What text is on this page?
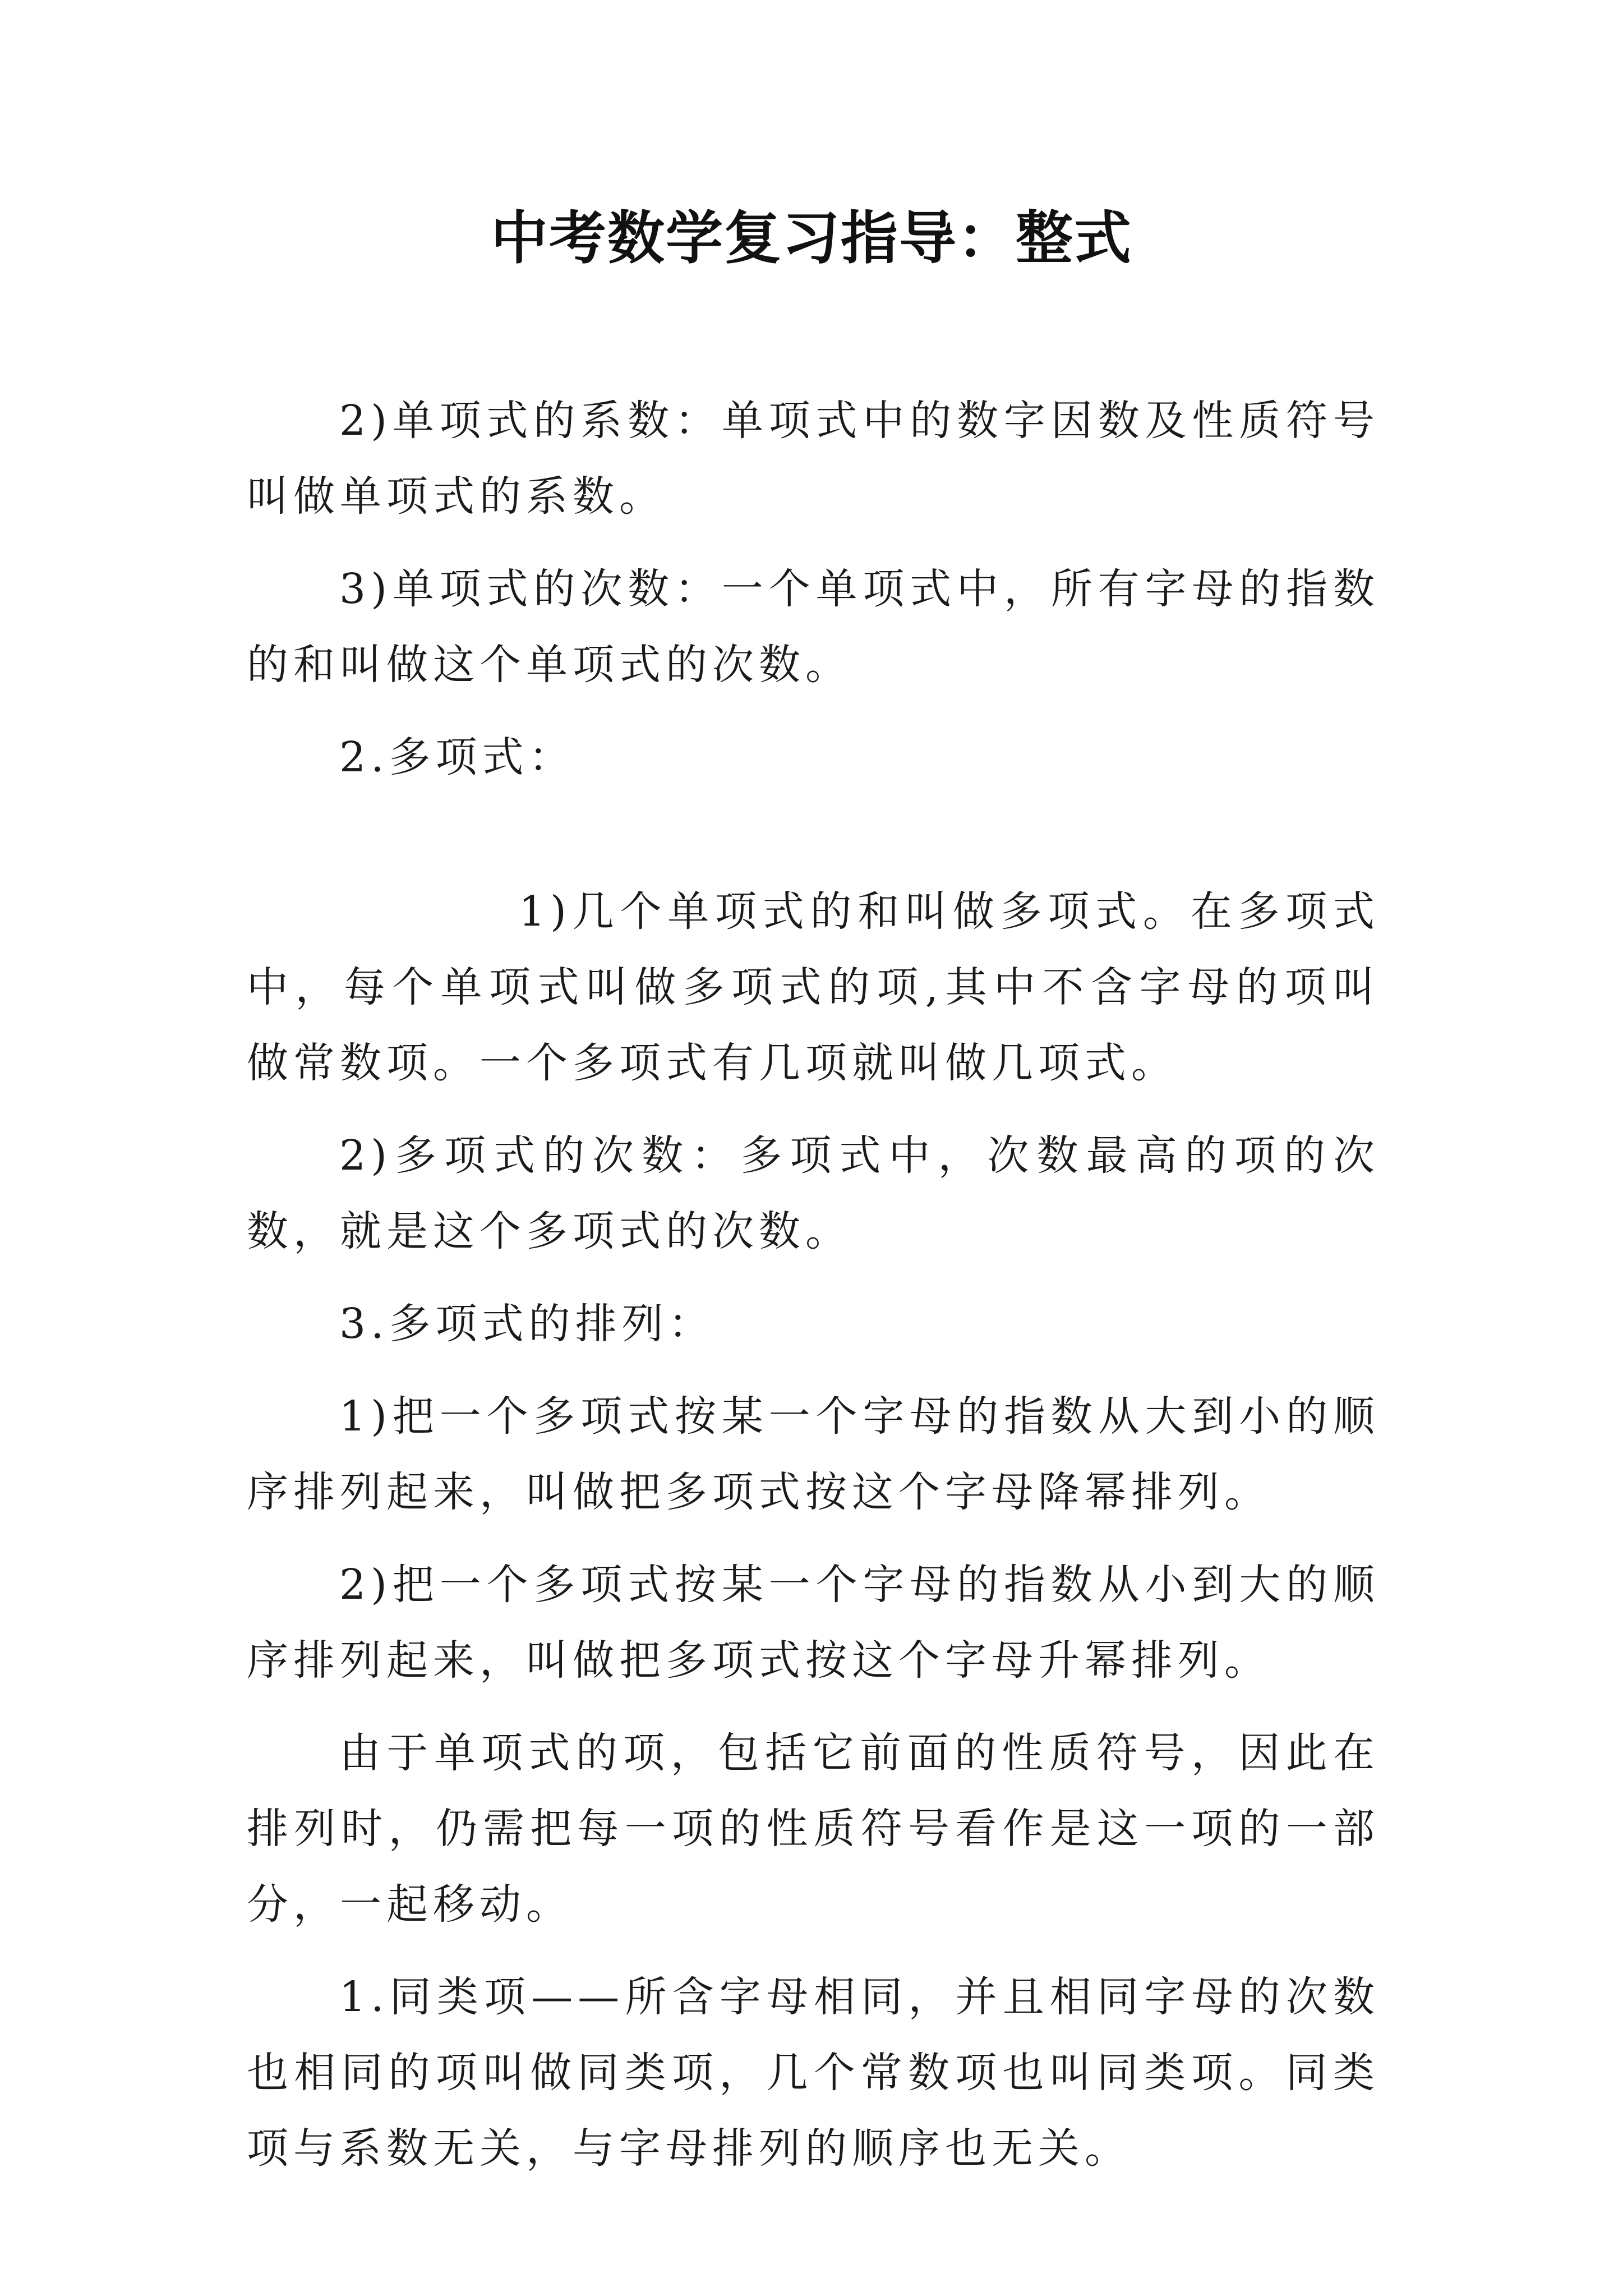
中考数学复习指导：整式

2)单项式的系数：单项式中的数字因数及性质符号叫做单项式的系数。

3)单项式的次数：一个单项式中，所有字母的指数的和叫做这个单项式的次数。

2.多项式：

1)几个单项式的和叫做多项式。在多项式中，每个单项式叫做多项式的项,其中不含字母的项叫做常数项。一个多项式有几项就叫做几项式。

2)多项式的次数：多项式中，次数最高的项的次数，就是这个多项式的次数。

3.多项式的排列：

1)把一个多项式按某一个字母的指数从大到小的顺序排列起来，叫做把多项式按这个字母降幂排列。

2)把一个多项式按某一个字母的指数从小到大的顺序排列起来，叫做把多项式按这个字母升幂排列。

由于单项式的项，包括它前面的性质符号，因此在排列时，仍需把每一项的性质符号看作是这一项的一部分，一起移动。

1.同类项——所含字母相同，并且相同字母的次数也相同的项叫做同类项，几个常数项也叫同类项。同类项与系数无关，与字母排列的顺序也无关。
